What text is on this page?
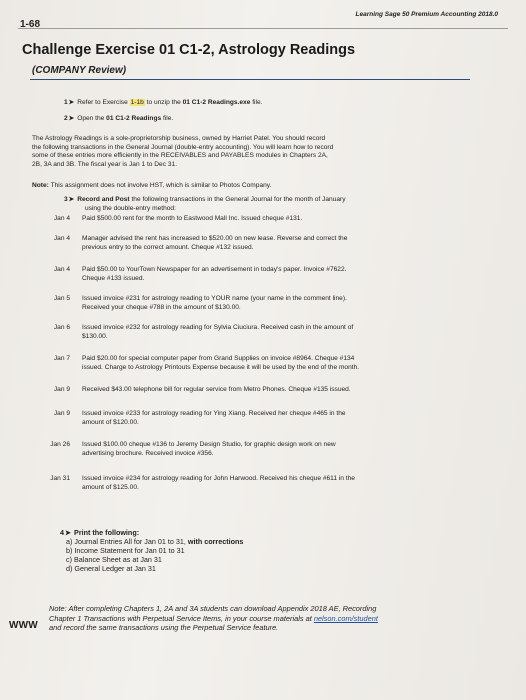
1-68
Learning Sage 50 Premium Accounting 2018.0
Challenge Exercise 01 C1-2, Astrology Readings
(COMPANY Review)
1➤ Refer to Exercise 1-1b to unzip the 01 C1-2 Readings.exe file.
2➤ Open the 01 C1-2 Readings file.
The Astrology Readings is a sole-proprietorship business, owned by Harriet Patel. You should record
the following transactions in the General Journal (double-entry accounting). You will learn how to record
some of these entries more efficiently in the RECEIVABLES and PAYABLES modules in Chapters 2A,
2B, 3A and 3B. The fiscal year is Jan 1 to Dec 31.
Note: This assignment does not involve HST, which is similar to Photos Company.
3➤ Record and Post the following transactions in the General Journal for the month of January
using the double-entry method:
Jan 4 Paid $500.00 rent for the month to Eastwood Mall Inc. Issued cheque #131.
Jan 4 Manager advised the rent has increased to $520.00 on new lease. Reverse and correct the
previous entry to the correct amount. Cheque #132 issued.
Jan 4 Paid $50.00 to YourTown Newspaper for an advertisement in today's paper. Invoice #7622.
Cheque #133 issued.
Jan 5 Issued invoice #231 for astrology reading to YOUR name (your name in the comment line).
Received your cheque #788 in the amount of $130.00.
Jan 6 Issued invoice #232 for astrology reading for Sylvia Ciuciura. Received cash in the amount of
$130.00.
Jan 7 Paid $20.00 for special computer paper from Grand Supplies on invoice #8964. Cheque #134
issued. Charge to Astrology Printouts Expense because it will be used by the end of the month.
Jan 9 Received $43.00 telephone bill for regular service from Metro Phones. Cheque #135 issued.
Jan 9 Issued invoice #233 for astrology reading for Ying Xiang. Received her cheque #465 in the
amount of $120.00.
Jan 26 Issued $100.00 cheque #136 to Jeremy Design Studio, for graphic design work on new
advertising brochure. Received invoice #356.
Jan 31 Issued invoice #234 for astrology reading for John Harwood. Received his cheque #611 in the
amount of $125.00.
4➤ Print the following:
a) Journal Entries All for Jan 01 to 31, with corrections
b) Income Statement for Jan 01 to 31
c) Balance Sheet as at Jan 31
d) General Ledger at Jan 31
WWW
Note: After completing Chapters 1, 2A and 3A students can download Appendix 2018 AE, Recording
Chapter 1 Transactions with Perpetual Service Items, in your course materials at nelson.com/student
and record the same transactions using the Perpetual Service feature.
